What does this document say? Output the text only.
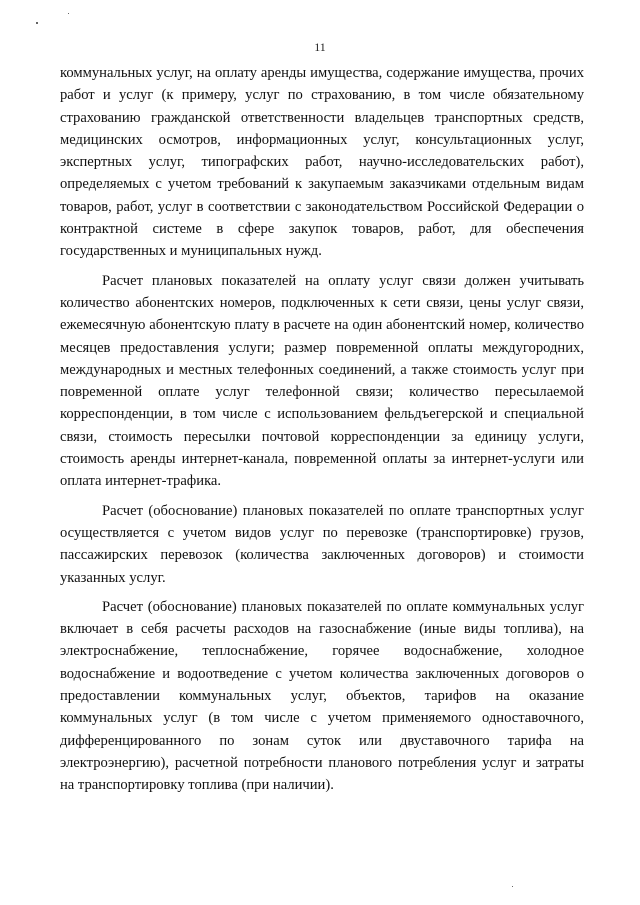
11

коммунальных услуг, на оплату аренды имущества, содержание имущества, прочих работ и услуг (к примеру, услуг по страхованию, в том числе обязательному страхованию гражданской ответственности владельцев транспортных средств, медицинских осмотров, информационных услуг, консультационных услуг, экспертных услуг, типографских работ, научно-исследовательских работ), определяемых с учетом требований к закупаемым заказчиками отдельным видам товаров, работ, услуг в соответствии с законодательством Российской Федерации о контрактной системе в сфере закупок товаров, работ, для обеспечения государственных и муниципальных нужд.

Расчет плановых показателей на оплату услуг связи должен учитывать количество абонентских номеров, подключенных к сети связи, цены услуг связи, ежемесячную абонентскую плату в расчете на один абонентский номер, количество месяцев предоставления услуги; размер повременной оплаты междугородних, международных и местных телефонных соединений, а также стоимость услуг при повременной оплате услуг телефонной связи; количество пересылаемой корреспонденции, в том числе с использованием фельдъегерской и специальной связи, стоимость пересылки почтовой корреспонденции за единицу услуги, стоимость аренды интернет-канала, повременной оплаты за интернет-услуги или оплата интернет-трафика.

Расчет (обоснование) плановых показателей по оплате транспортных услуг осуществляется с учетом видов услуг по перевозке (транспортировке) грузов, пассажирских перевозок (количества заключенных договоров) и стоимости указанных услуг.

Расчет (обоснование) плановых показателей по оплате коммунальных услуг включает в себя расчеты расходов на газоснабжение (иные виды топлива), на электроснабжение, теплоснабжение, горячее водоснабжение, холодное водоснабжение и водоотведение с учетом количества заключенных договоров о предоставлении коммунальных услуг, объектов, тарифов на оказание коммунальных услуг (в том числе с учетом применяемого одноставочного, дифференцированного по зонам суток или двуставочного тарифа на электроэнергию), расчетной потребности планового потребления услуг и затраты на транспортировку топлива (при наличии).
